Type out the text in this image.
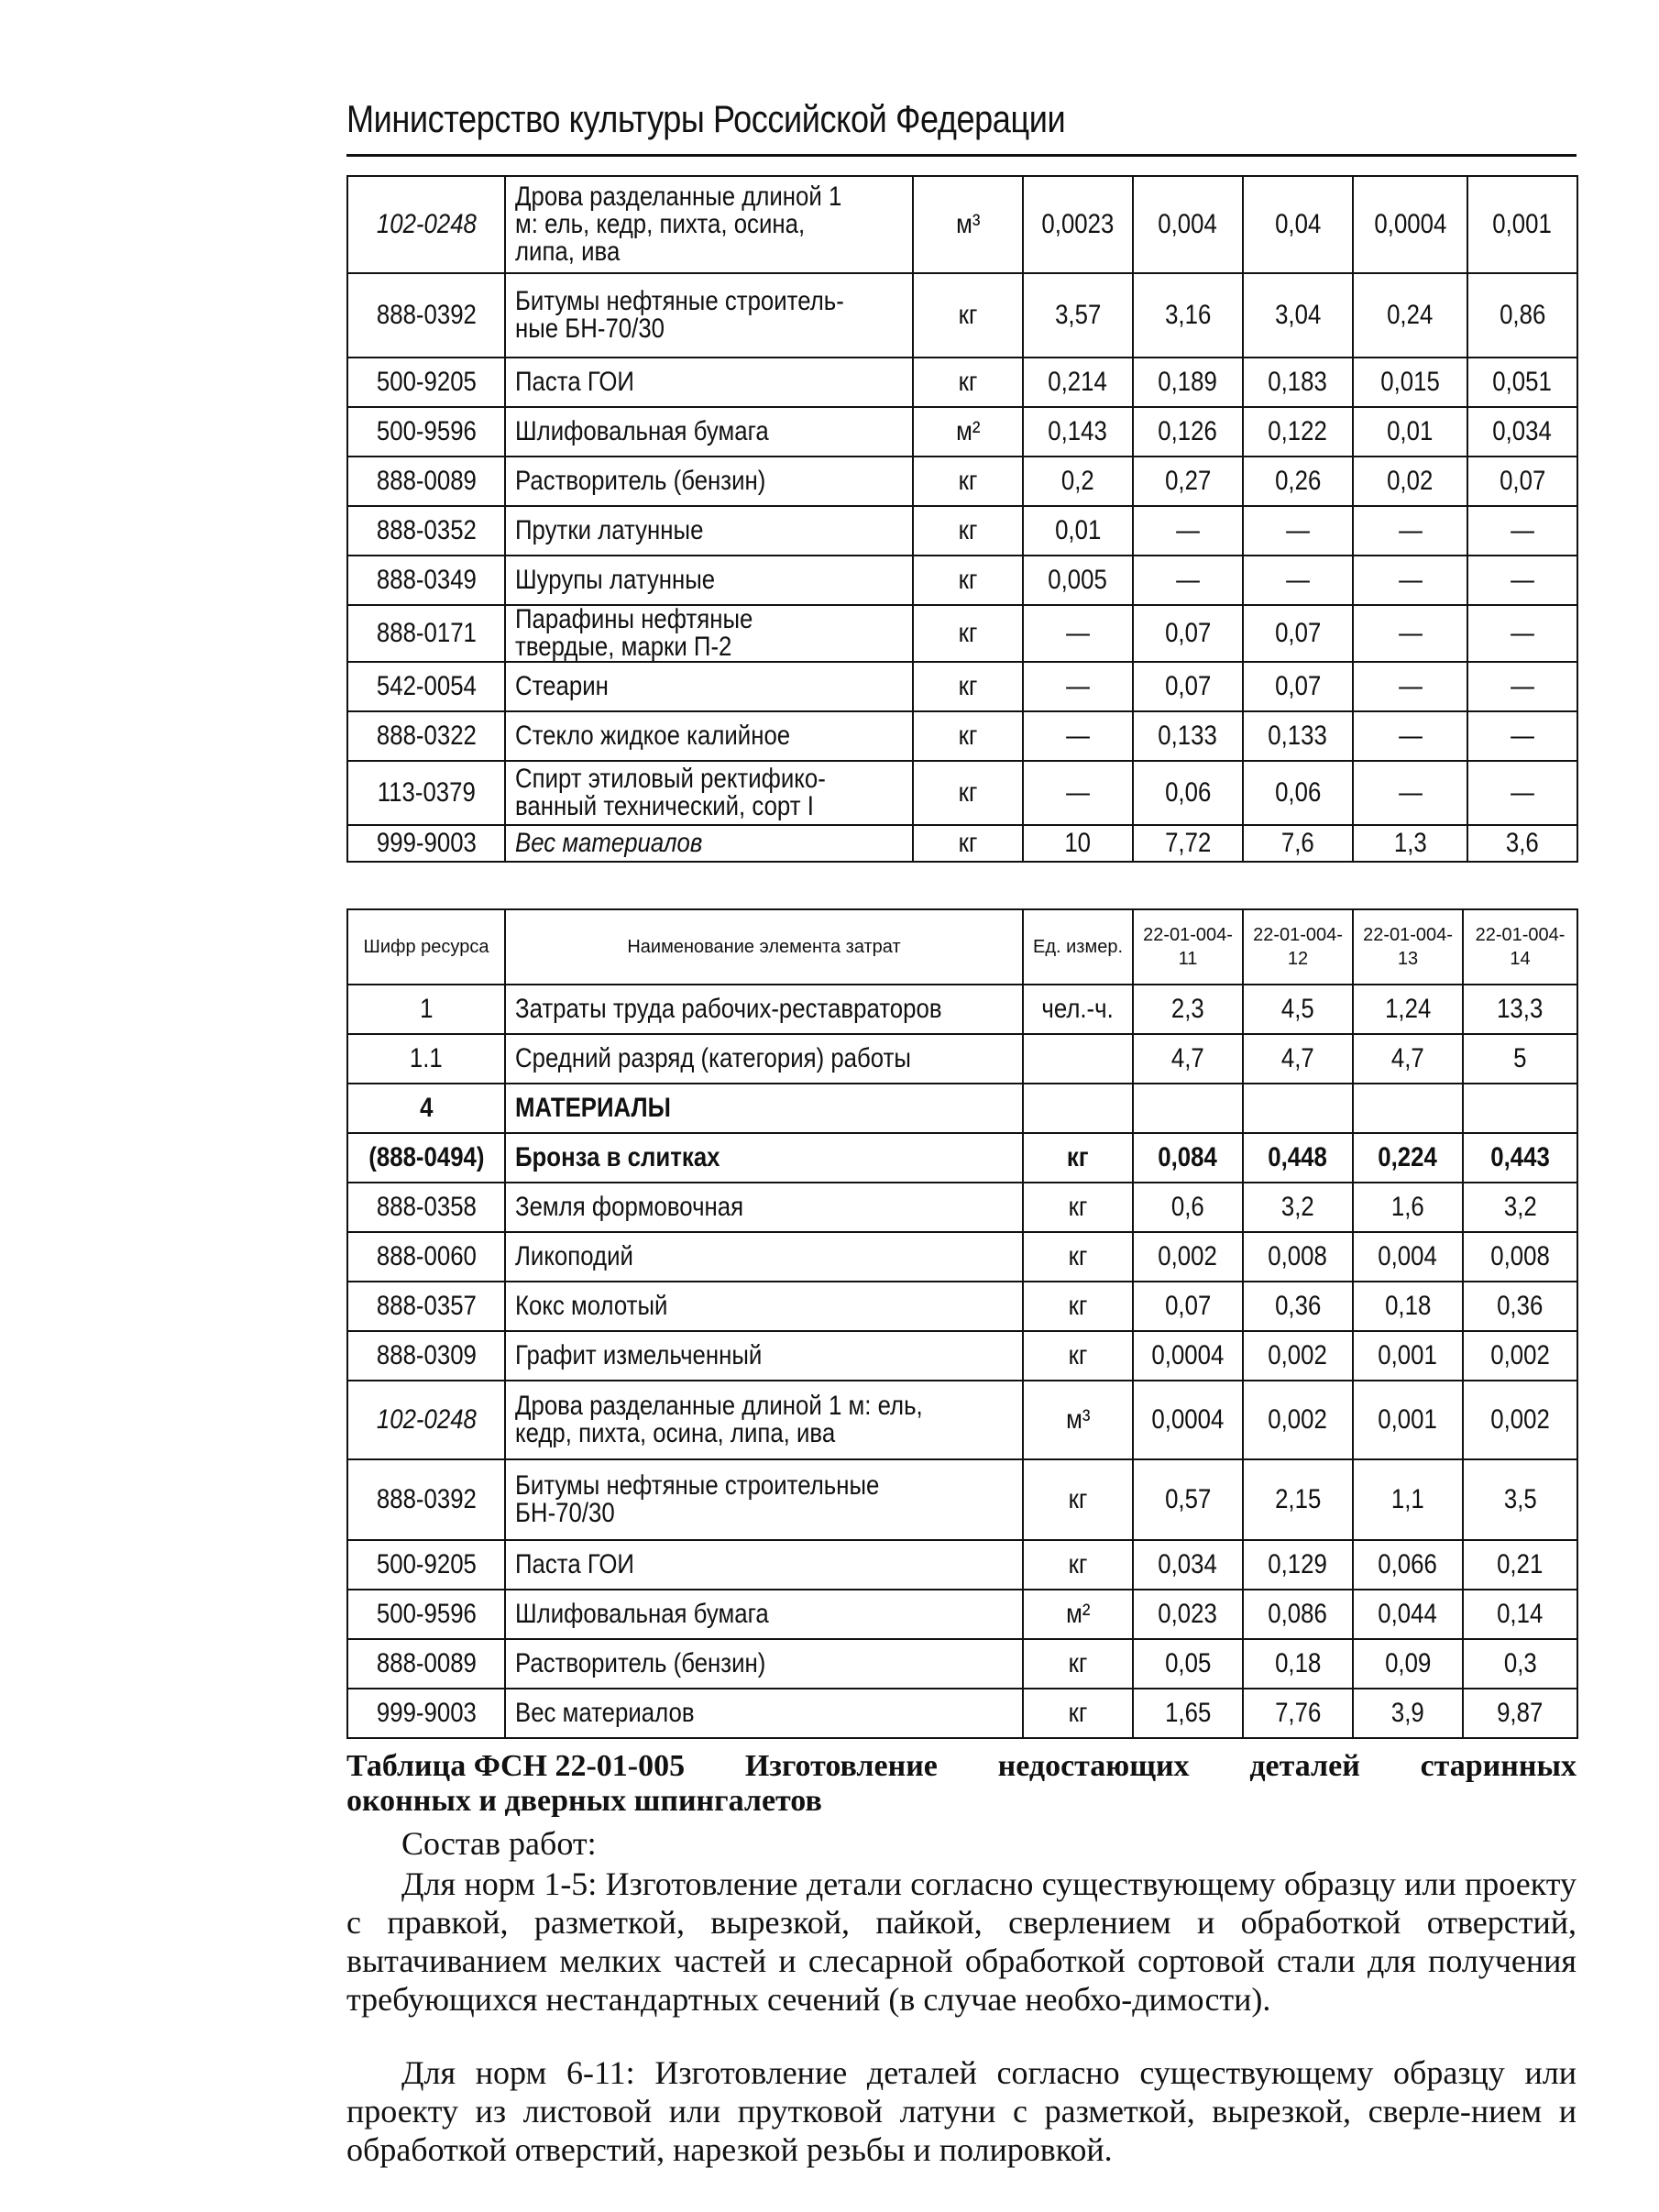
Министерство культуры Российской Федерации
102-0248	Дрова разделанные длиной 1 м: ель, кедр, пихта, осина, липа, ива	м³	0,0023	0,004	0,04	0,0004	0,001
888-0392	Битумы нефтяные строитель-ные БН-70/30	кг	3,57	3,16	3,04	0,24	0,86
500-9205	Паста ГОИ	кг	0,214	0,189	0,183	0,015	0,051
500-9596	Шлифовальная бумага	м²	0,143	0,126	0,122	0,01	0,034
888-0089	Растворитель (бензин)	кг	0,2	0,27	0,26	0,02	0,07
888-0352	Прутки латунные	кг	0,01	—	—	—	—
888-0349	Шурупы латунные	кг	0,005	—	—	—	—
888-0171	Парафины нефтяные твердые, марки П-2	кг	—	0,07	0,07	—	—
542-0054	Стеарин	кг	—	0,07	0,07	—	—
888-0322	Стекло жидкое калийное	кг	—	0,133	0,133	—	—
113-0379	Спирт этиловый ректифико-ванный технический, сорт I	кг	—	0,06	0,06	—	—
999-9003	Вес материалов	кг	10	7,72	7,6	1,3	3,6
Шифр ресурса	Наименование элемента затрат	Ед. измер.	22-01-004-11	22-01-004-12	22-01-004-13	22-01-004-14
1	Затраты труда рабочих-реставраторов	чел.-ч.	2,3	4,5	1,24	13,3
1.1	Средний разряд (категория) работы		4,7	4,7	4,7	5
4	МАТЕРИАЛЫ					
(888-0494)	Бронза в слитках	кг	0,084	0,448	0,224	0,443
888-0358	Земля формовочная	кг	0,6	3,2	1,6	3,2
888-0060	Ликоподий	кг	0,002	0,008	0,004	0,008
888-0357	Кокс молотый	кг	0,07	0,36	0,18	0,36
888-0309	Графит измельченный	кг	0,0004	0,002	0,001	0,002
102-0248	Дрова разделанные длиной 1 м: ель, кедр, пихта, осина, липа, ива	м³	0,0004	0,002	0,001	0,002
888-0392	Битумы нефтяные строительные БН-70/30	кг	0,57	2,15	1,1	3,5
500-9205	Паста ГОИ	кг	0,034	0,129	0,066	0,21
500-9596	Шлифовальная бумага	м²	0,023	0,086	0,044	0,14
888-0089	Растворитель (бензин)	кг	0,05	0,18	0,09	0,3
999-9003	Вес материалов	кг	1,65	7,76	3,9	9,87
Таблица ФСН 22-01-005 Изготовление недостающих деталей старинных
оконных и дверных шпингалетов
Состав работ:
Для норм 1-5: Изготовление детали согласно существующему образцу или проекту с правкой, разметкой, вырезкой, пайкой, сверлением и обработкой отверстий, вытачиванием мелких частей и слесарной обработкой сортовой стали для получения требующихся нестандартных сечений (в случае необхо-димости).
Для норм 6-11: Изготовление деталей согласно существующему образцу или проекту из листовой или прутковой латуни с разметкой, вырезкой, сверле-нием и обработкой отверстий, нарезкой резьбы и полировкой.
